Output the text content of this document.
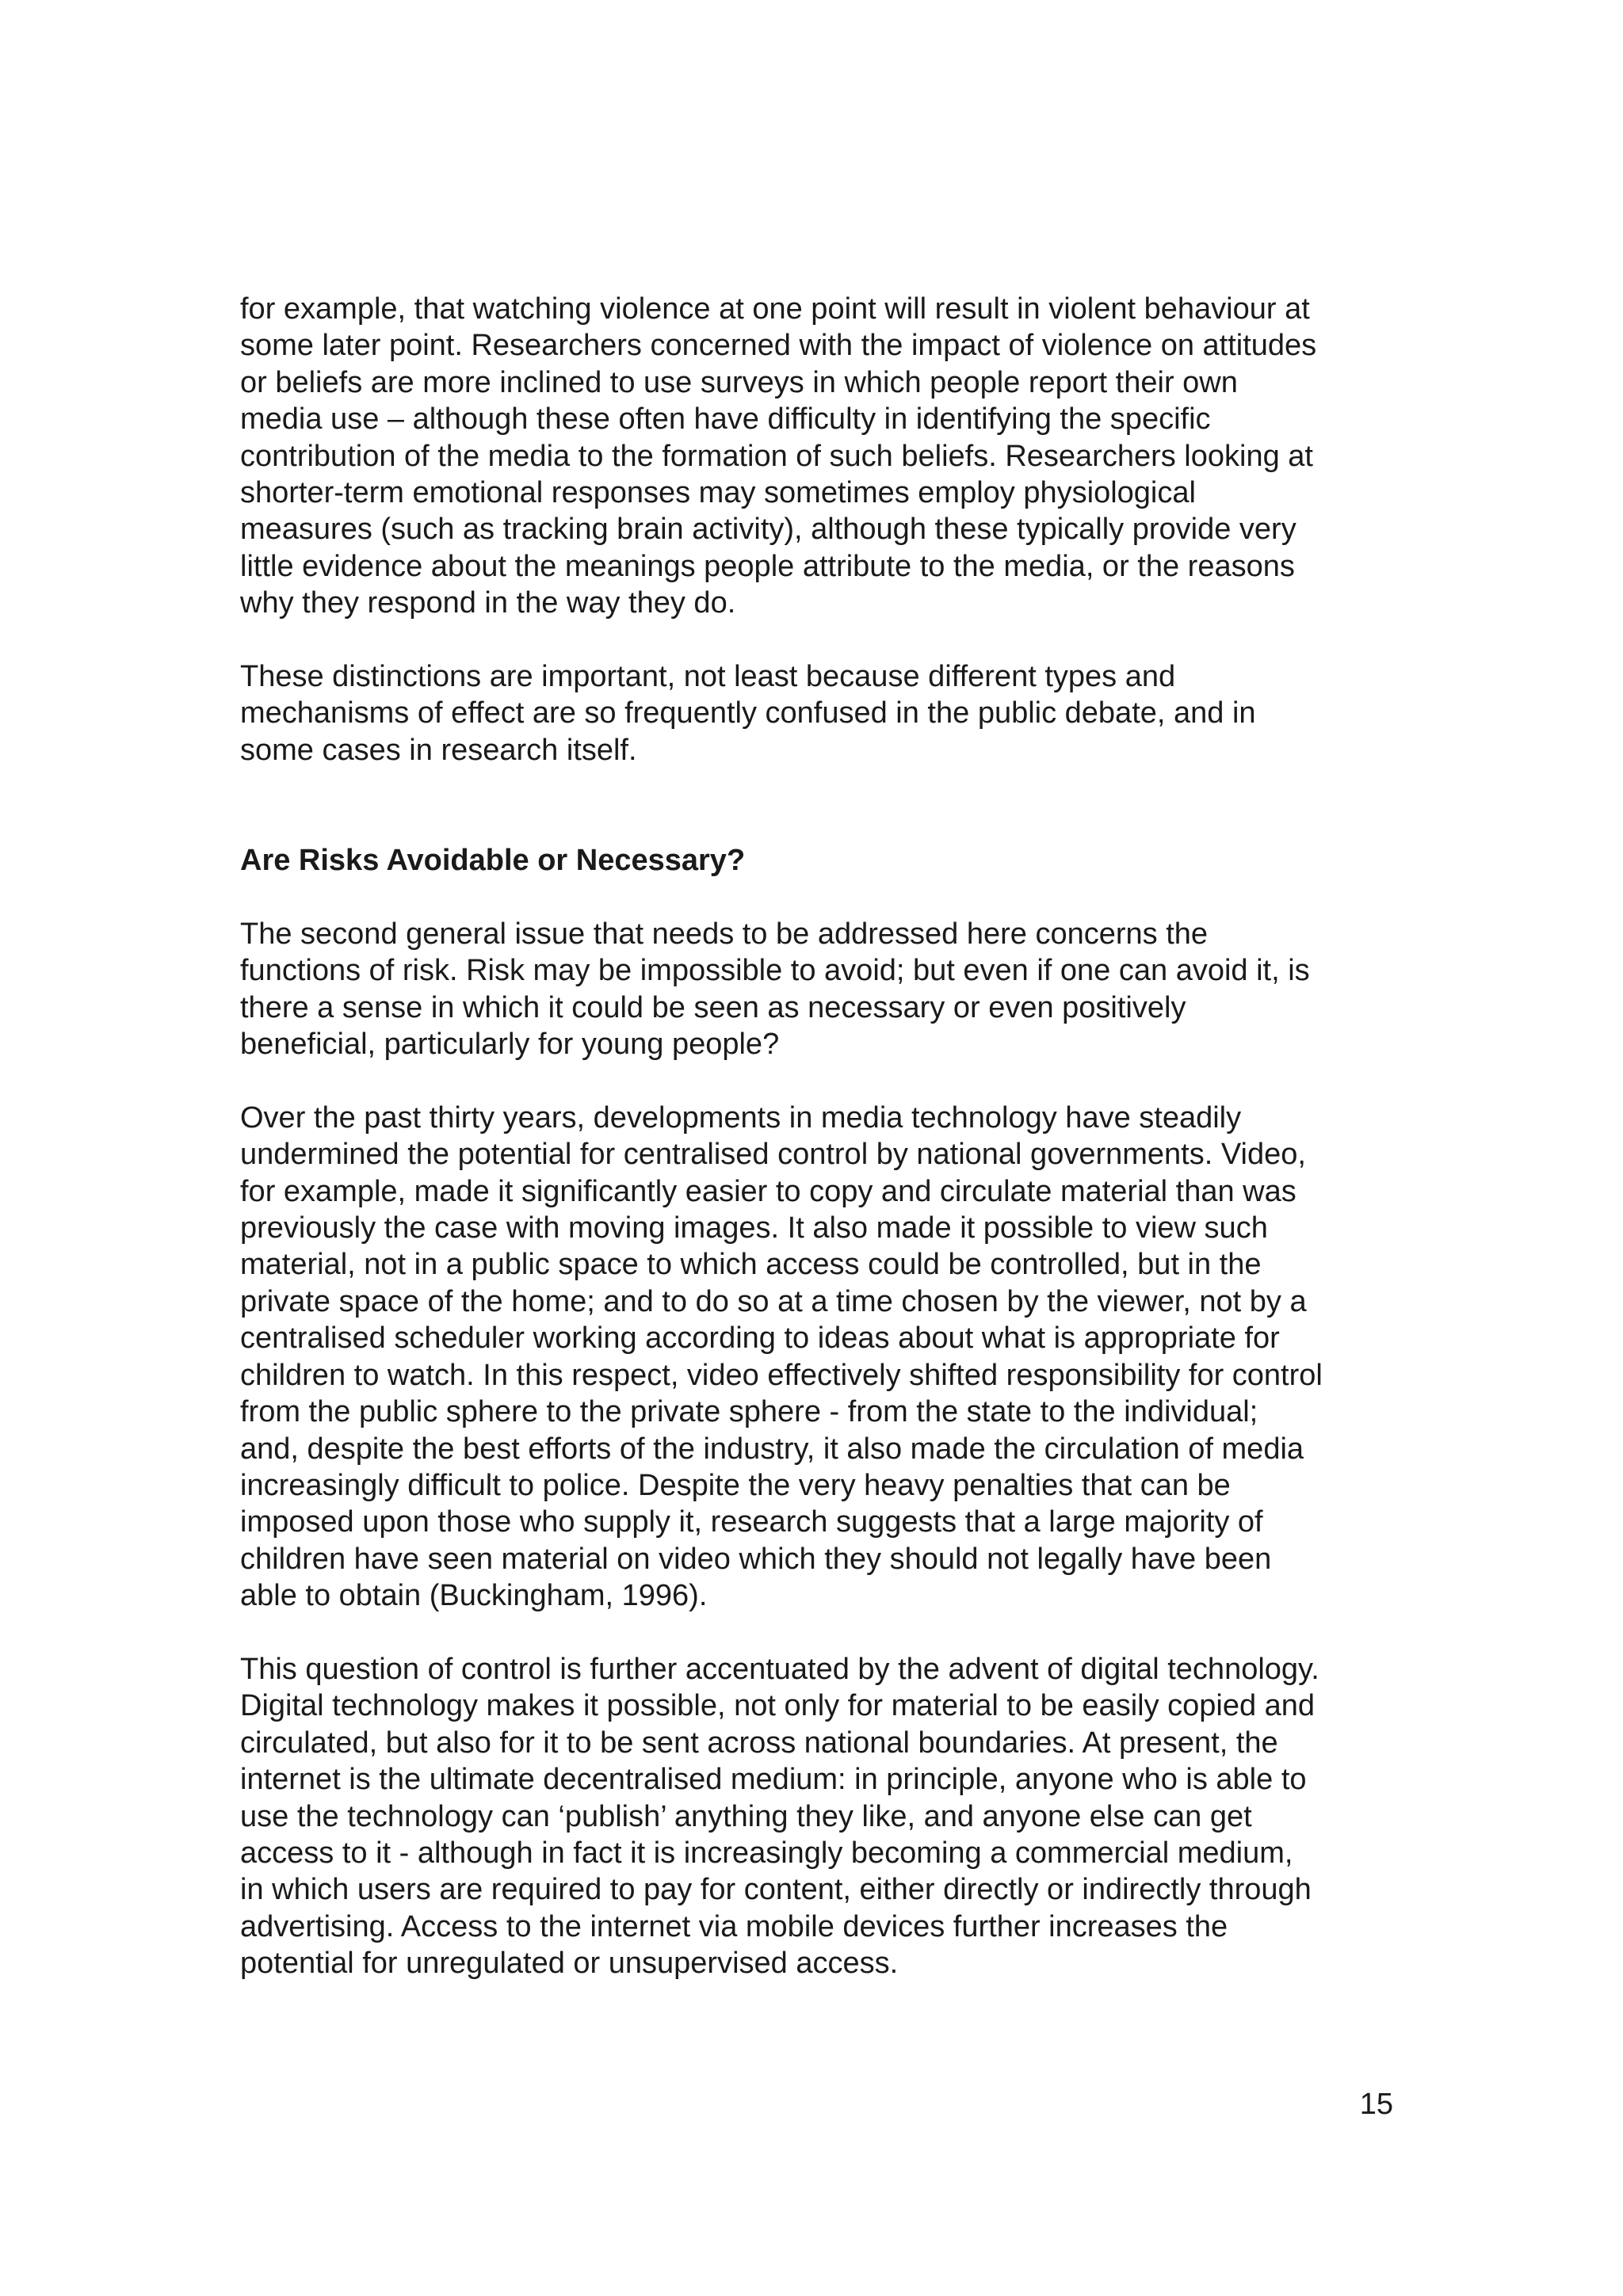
for example, that watching violence at one point will result in violent behaviour at
some later point. Researchers concerned with the impact of violence on attitudes
or beliefs are more inclined to use surveys in which people report their own
media use – although these often have difficulty in identifying the specific
contribution of the media to the formation of such beliefs. Researchers looking at
shorter-term emotional responses may sometimes employ physiological
measures (such as tracking brain activity), although these typically provide very
little evidence about the meanings people attribute to the media, or the reasons
why they respond in the way they do.

These distinctions are important, not least because different types and
mechanisms of effect are so frequently confused in the public debate, and in
some cases in research itself.

Are Risks Avoidable or Necessary?

The second general issue that needs to be addressed here concerns the
functions of risk. Risk may be impossible to avoid; but even if one can avoid it, is
there a sense in which it could be seen as necessary or even positively
beneficial, particularly for young people?

Over the past thirty years, developments in media technology have steadily
undermined the potential for centralised control by national governments. Video,
for example, made it significantly easier to copy and circulate material than was
previously the case with moving images. It also made it possible to view such
material, not in a public space to which access could be controlled, but in the
private space of the home; and to do so at a time chosen by the viewer, not by a
centralised scheduler working according to ideas about what is appropriate for
children to watch. In this respect, video effectively shifted responsibility for control
from the public sphere to the private sphere - from the state to the individual;
and, despite the best efforts of the industry, it also made the circulation of media
increasingly difficult to police. Despite the very heavy penalties that can be
imposed upon those who supply it, research suggests that a large majority of
children have seen material on video which they should not legally have been
able to obtain (Buckingham, 1996).

This question of control is further accentuated by the advent of digital technology.
Digital technology makes it possible, not only for material to be easily copied and
circulated, but also for it to be sent across national boundaries. At present, the
internet is the ultimate decentralised medium: in principle, anyone who is able to
use the technology can ‘publish’ anything they like, and anyone else can get
access to it - although in fact it is increasingly becoming a commercial medium,
in which users are required to pay for content, either directly or indirectly through
advertising. Access to the internet via mobile devices further increases the
potential for unregulated or unsupervised access.

15
